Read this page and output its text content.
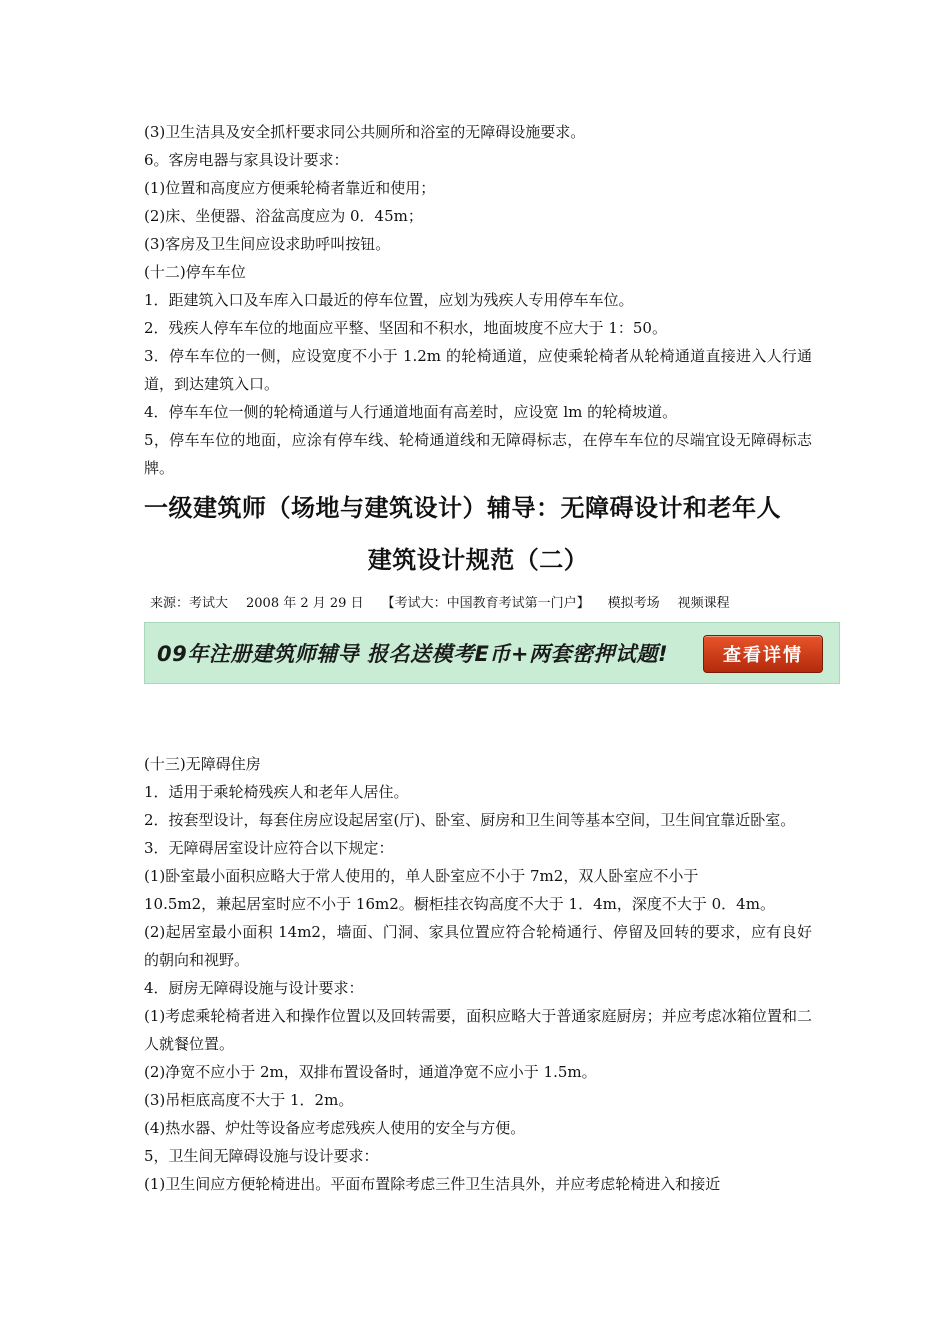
(3)卫生洁具及安全抓杆要求同公共厕所和浴室的无障碍设施要求。

6。客房电器与家具设计要求：

(1)位置和高度应方便乘轮椅者靠近和使用；

(2)床、坐便器、浴盆高度应为 0．45m；

(3)客房及卫生间应设求助呼叫按钮。

(十二)停车车位

1．距建筑入口及车库入口最近的停车位置，应划为残疾人专用停车车位。

2．残疾人停车车位的地面应平整、坚固和不积水，地面坡度不应大于 1：50。

3．停车车位的一侧，应设宽度不小于 1.2m 的轮椅通道，应使乘轮椅者从轮椅通道直接进入人行通道，到达建筑入口。

4．停车车位一侧的轮椅通道与人行通道地面有高差时，应设宽 lm 的轮椅坡道。

5，停车车位的地面，应涂有停车线、轮椅通道线和无障碍标志，在停车车位的尽端宜设无障碍标志牌。

一级建筑师（场地与建筑设计）辅导：无障碍设计和老年人
建筑设计规范（二）
来源：考试大 2008 年 2 月 29 日 【考试大：中国教育考试第一门户】 模拟考场 视频课程
09年注册建筑师辅导 报名送模考E币+两套密押试题!	查看详情

(十三)无障碍住房

1．适用于乘轮椅残疾人和老年人居住。

2．按套型设计，每套住房应设起居室(厅)、卧室、厨房和卫生间等基本空间，卫生间宜靠近卧室。

3．无障碍居室设计应符合以下规定：

(1)卧室最小面积应略大于常人使用的，单人卧室应不小于 7m2，双人卧室应不小于

10.5m2，兼起居室时应不小于 16m2。橱柜挂衣钩高度不大于 1．4m，深度不大于 0．4m。

(2)起居室最小面积 14m2，墙面、门洞、家具位置应符合轮椅通行、停留及回转的要求，应有良好的朝向和视野。

4．厨房无障碍设施与设计要求：

(1)考虑乘轮椅者进入和操作位置以及回转需要，面积应略大于普通家庭厨房；并应考虑冰箱位置和二人就餐位置。

(2)净宽不应小于 2m，双排布置设备时，通道净宽不应小于 1.5m。

(3)吊柜底高度不大于 1．2m。

(4)热水器、炉灶等设备应考虑残疾人使用的安全与方便。

5，卫生间无障碍设施与设计要求：

(1)卫生间应方便轮椅进出。平面布置除考虑三件卫生洁具外，并应考虑轮椅进入和接近
